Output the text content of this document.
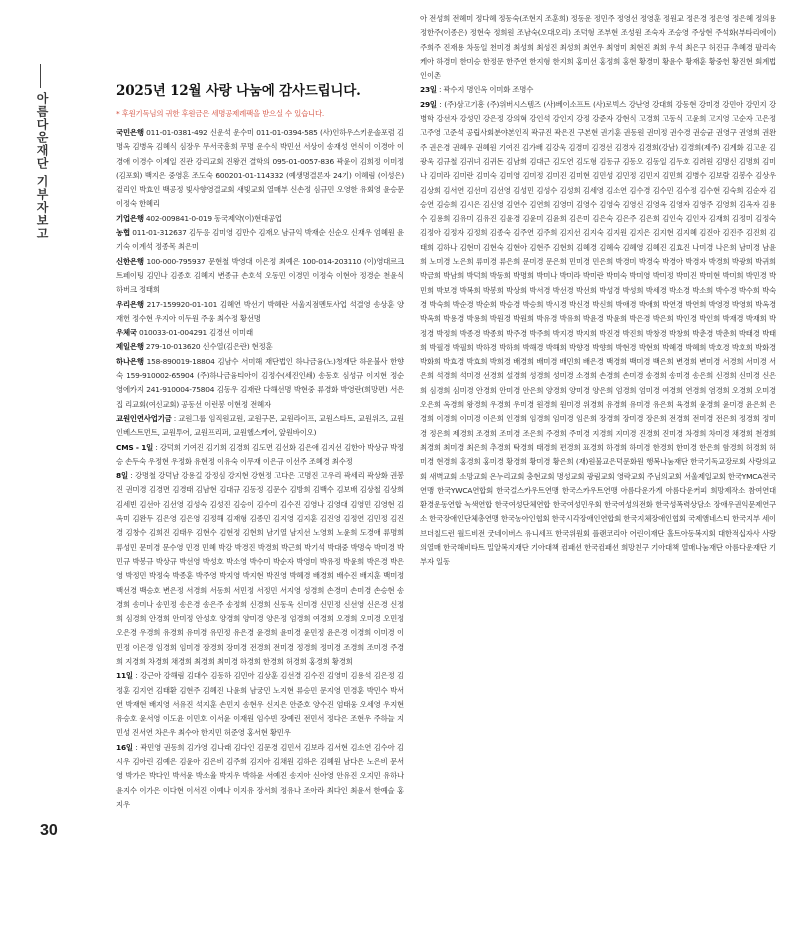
아름다운재단 기부자보고
30
2025년 12월 사랑 나눔에 감사드립니다.

* 후원기독님의 귀한 후원금은 세명공제례팩을 받으실 수 있습니다.

국민은행 011-01-0381-492 신운석 운수미 011-01-0394-585 (사)인하우스키운솔포럼 김명옥 김병옥 김혜식 심장우 무서국흥희 무명 운수식 박민선 서상이 송재성 연식이 이경아 이경애 이경수 이제일 진관 강리교회 진왕건 결학의 095-01-0057-836 곽윤이 김희정 이미정(김포회) 백지은 중영흔 조도숙 600201-01-114332 (예생명결론자 24기) 이혜림 (이성은) 겉리인 박효인 백공정 빛사향영결교회 새빛교회 열매부 신손정 심규민 오영한 유회영 윤승문 이정숙 한혜리

기업은행 402-009841-0-019 동국제약(이)현대공업

농협 011-01-312637 김두응 김미영 김만수 김재오 남규익 박재순 신순오 신재우 엄혜원 윤기숙 이계석 정종목 최은미

신한은행 100-000-795937 문현철 박영대 이은정 최예은 100-014-203110 (이)영대르크트페이팅 김민나 김종호 김혜지 변종규 손호석 오동민 이경민 이정숙 이현아 정경순 천윤식 하버크 정태희

우리은행 217-159920-01-101 김혜연 박선기 박혜란 서울지점멘토사업 석결영 송상훈 양재헌 정수현 우지아 이두원 주웅 최수정 황선명

우체국 010033-01-004291 김경선 이미래

제일은행 279-10-013620 신수열(김은란) 현정훈

하나은행 158-890019-18804 김남수 서미해 재단법인 하나금융(노)청재단 하운불사 한향숙 159-910002-65904 (주)하나금융티아이 김정수(세진인쇄) 송동호 심성규 이지현 정순영에카지 241-910004-75804 김동우 김재란 다해선명 박현중 류경화 박영란(희망편) 서은집 리교회(여신교회) 공동선 이런봉 이현정 전혜자

교원인연사업기금 : 교원그룹 임직원교원, 교원구몬, 교원라이프, 교원스타트, 교원위즈, 교원인베스트먼트, 교원투어, 교원프리퍼, 교원헬스케어, 앞원바이오)

CMS - 1일 : 강덕희 기여진 김기희 김경희 김도면 김선화 김은애 김지선 김한아 박상규 박정승 손두숙 우정현 우정화 유현정 이유숙 이무재 이은규 이선주 조혜경 최수정

8일 : 강명철 강덕남 강용길 강정심 강지현 강현정 고다은 고명진 고우리 곽세리 곽상화 권봉진 권미경 김경면 김경태 김남현 김대규 김동정 김문수 김방희 김백수 김보배 김상철 김상희 김세빈 김선아 김선영 김성숙 김성진 김승이 김수미 김수진 김영나 김영대 김영민 김영현 김옥미 김완두 김은영 김은영 김정해 김재형 김종민 김지영 김지훈 김진영 김정연 김민정 김진경 김창수 김희진 김태우 김현수 김현정 김현희 남기열 남지선 노영희 노윤희 도경애 류명희 류성민 문미경 문수영 민경 민혜 박강 박경진 박경희 박근희 박기석 박대중 박명숙 박미경 박민규 박봉규 박상규 박선영 박성호 박소영 박수미 박순자 박영미 박유정 박윤희 박은경 박은영 박정민 박정숙 박종훈 박주영 박지영 박지현 박진영 박혜경 배경희 배수진 배지훈 백미정 백선경 백승호 변은정 서경희 서동희 서민정 서정민 서지영 성경희 손경미 손미경 손승현 송경희 송미나 송민정 송은경 송은주 송정희 신경희 신동욱 신미경 신민정 신선영 신은경 신정희 심경희 안경희 안미정 안성호 양경희 양미경 양은정 엄경희 여경희 오경희 오미경 오민정 오은경 우경희 유경희 유미경 유민정 유은경 윤경희 윤미경 윤민정 윤은경 이경희 이미경 이민정 이은경 임경희 임미경 장경희 장미경 전경희 전미경 정경희 정미경 조경희 조미경 주경희 지경희 차경희 채경희 최경희 최미경 하경희 한경희 허경희 홍경희 황경희

11일 : 강근아 강해림 김대수 김동하 김민아 김상훈 김선경 김수진 김영미 김용석 김은정 김정훈 김지연 김태환 김현주 김혜진 나윤희 남궁민 노지현 류승민 문지영 민경훈 박민수 박서연 박재현 배지영 서유진 석지훈 손민지 송현우 신지은 안준호 양수진 엄태웅 오세영 우지현 유승호 윤서영 이도윤 이민호 이서윤 이재원 임수빈 장예린 전민서 정다은 조현우 주하늘 지민성 진서연 차은우 최수아 한지민 허준영 홍서현 황민우

16일 : 곽민영 권동희 김가영 김나래 김다인 김문경 김민서 김보라 김서현 김소연 김수아 김시우 김아린 김예은 김윤아 김은비 김주희 김지아 김채원 김하은 김혜원 남다은 노은비 문서영 박가은 박다인 박서윤 박소율 박지우 박하윤 서예진 송지아 신아영 안유진 오지민 유하나 윤지수 이가은 이다현 이서진 이예나 이지유 장서희 정유나 조아라 최다인 최윤서 한예슬 홍지우

아 전성희 전혜미 정다혜 정동숙(조현지 조훈희) 정동운 정민주 정영선 정영훈 정원교 정은경 정은영 정은혜 정의용 정한주(이종은) 정현숙 정희원 조남숙(오대오리) 조덕형 조부현 조성원 조숙자 조승영 주상현 주석화(부타리에이) 주희주 진재용 차동일 천미경 최성희 최성진 최성희 최연우 최영미 최현진 최희 우석 최은구 허진규 추혜경 팔리속케아 하경미 한미승 한정문 한주연 한지형 한지희 홍미선 홍정희 홍현 황경미 황윤수 황재훈 황중헌 황진현 회계법인이촌

23일 : 곽수지 명인옥 이미화 조명수

29일 : (주)삼고기흥 (주)위버시스템즈 (사)베이소프트 (사)로빅스 강난영 강대희 강동현 강미경 강민아 강민지 강병학 강선자 강성민 강은정 강의혁 강인석 강인지 강정 강준자 강현식 고경희 고동식 고윤희 고지영 고순자 고은정 고주영 고준석 공립사회분야본인직 곽규진 곽은진 구본현 권기훈 권동원 권미정 권수경 권승균 권영구 권영희 권완주 권은경 권혜우 권혜원 기여진 김가배 김강욱 김경미 김경선 김경자 김경희(강남) 김경희(제주) 김계화 김고운 김광욱 김규철 김귀녀 김귀돈 김남희 김대근 김도연 김도형 김동규 김동오 김동일 김두호 김려원 김명신 김명희 김미나 김미라 김미란 김미숙 김미영 김미정 김미진 김미현 김민성 김민정 김민지 김민희 김병수 김보람 김봉수 김상우 김상희 김서연 김선미 김선영 김성민 김성수 김성희 김세영 김소연 김수경 김수민 김수정 김수현 김숙희 김순자 김승연 김승희 김시은 김신영 김연수 김연희 김영미 김영수 김영숙 김영신 김영옥 김영자 김영주 김영희 김옥자 김용수 김용희 김유미 김유진 김윤경 김윤미 김윤희 김은미 김은숙 김은주 김은희 김인숙 김인자 김재희 김정미 김정숙 김정아 김정자 김정희 김종숙 김주연 김주희 김지선 김지숙 김지원 김지은 김지현 김지혜 김진아 김진주 김진희 김태희 김하나 김현미 김현숙 김현아 김현주 김현희 김혜경 김혜숙 김혜영 김혜진 김효진 나미경 나은희 남미경 남윤희 노미경 노은희 류미경 류은희 문미경 문은희 민미경 민은희 박경미 박경숙 박경아 박경자 박경희 박광희 박귀희 박금희 박남희 박덕희 박동희 박명희 박미나 박미라 박미란 박미숙 박미영 박미정 박미진 박미현 박미희 박민경 박민희 박보경 박복희 박봉희 박상희 박서경 박선경 박선희 박성경 박성희 박세경 박소경 박소희 박수경 박수희 박숙경 박숙희 박순경 박순희 박승경 박승희 박시경 박신경 박신희 박애경 박애희 박연경 박연희 박영경 박영희 박옥경 박옥희 박용경 박용희 박원경 박원희 박유경 박유희 박윤경 박윤희 박은경 박은희 박인경 박인희 박재경 박재희 박정경 박정희 박종경 박종희 박주경 박주희 박지경 박지희 박진경 박진희 박창경 박창희 박춘경 박춘희 박태경 박태희 박필경 박필희 박하경 박하희 박해경 박해희 박향경 박향희 박현경 박현희 박혜경 박혜희 박호경 박호희 박화경 박화희 박효경 박효희 박희경 배경희 배미경 배민희 배은경 백경희 백미경 백은희 변경희 변미경 서경희 서미경 서은희 석경희 석미경 선경희 설경희 성경희 성미경 소경희 손경희 손미경 송경희 송미경 송은희 신경희 신미경 신은희 심경희 심미경 안경희 안미경 안은희 양경희 양미경 양은희 엄경희 엄미경 여경희 연경희 염경희 오경희 오미경 오은희 옥경희 왕경희 우경희 우미경 원경희 원미경 위경희 유경희 유미경 유은희 육경희 윤경희 윤미경 윤은희 은경희 이경희 이미경 이은희 인경희 임경희 임미경 임은희 장경희 장미경 장은희 전경희 전미경 전은희 정경희 정미경 정은희 제경희 조경희 조미경 조은희 주경희 주미경 지경희 지미경 진경희 진미경 차경희 차미경 채경희 천경희 최경희 최미경 최은희 추경희 탁경희 태경희 편경희 표경희 하경희 하미경 한경희 한미경 한은희 함경희 허경희 허미경 현경희 홍경희 홍미경 황경희 황미경 황은희 (재)원불교은덕문화원 행복나눔재단 한국기독교장로회 사랑의교회 새벽교회 소망교회 온누리교회 충현교회 명성교회 광림교회 영락교회 주님의교회 서울제일교회 한국YMCA전국연맹 한국YWCA연합회 한국걸스카우트연맹 한국스카우트연맹 아름다운가게 아름다운커피 희망제작소 참여연대 환경운동연합 녹색연합 한국여성단체연합 한국여성민우회 한국여성의전화 한국성폭력상담소 장애우권익문제연구소 한국장애인단체총연맹 한국농아인협회 한국시각장애인연합회 한국지체장애인협회 국제앰네스티 한국지부 세이브더칠드런 월드비전 굿네이버스 유니세프 한국위원회 플랜코리아 어린이재단 홀트아동복지회 대한적십자사 사랑의열매 한국해비타트 밀알복지재단 기아대책 컴패션 한국컴패션 희망친구 기아대책 열매나눔재단 아름다운재단 기부자 일동
